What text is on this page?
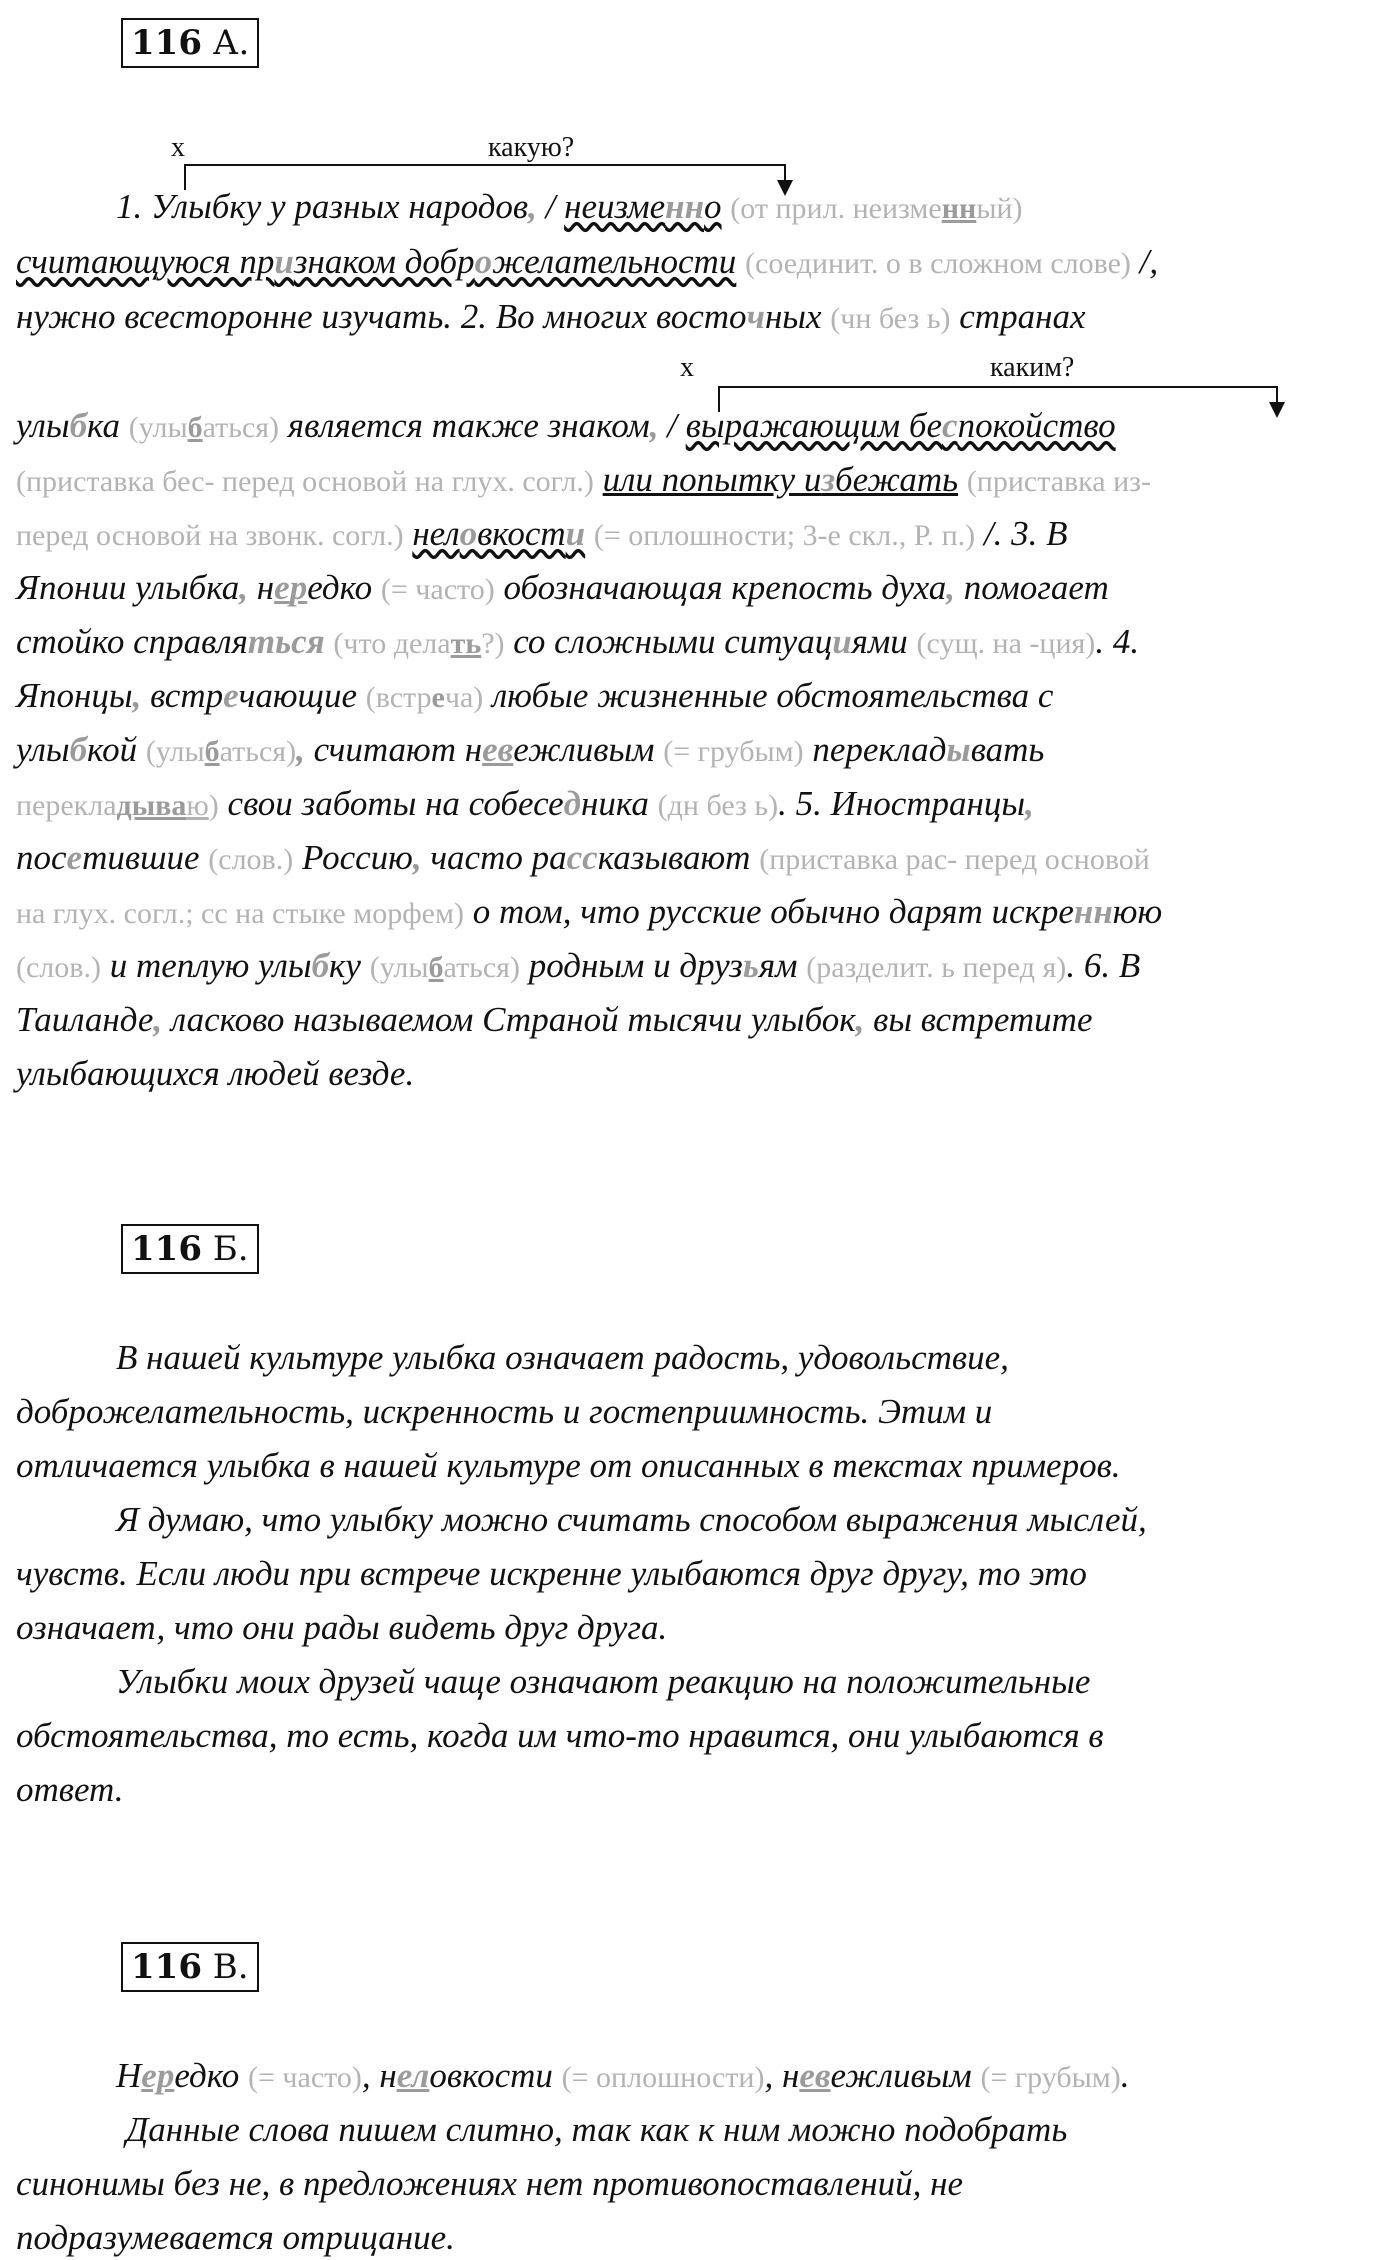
116 А.
х	какую?
1. Улыбку у разных народов, / неизменно (от прил. неизменный)
считающуюся признаком доброжелательности (соединит. о в сложном слове) /,
нужно всесторонне изучать. 2. Во многих восточных (чн без ь) странах
х	каким?
улыбка (улыбаться) является также знаком, / выражающим беспокойство
(приставка бес- перед основой на глух. согл.) или попытку избежать (приставка из-
перед основой на звонк. согл.) неловкости (= оплошности; 3-е скл., Р. п.) /. 3. В
Японии улыбка, нередко (= часто) обозначающая крепость духа, помогает
стойко справляться (что делать?) со сложными ситуациями (сущ. на -ция). 4.
Японцы, встречающие (встреча) любые жизненные обстоятельства с
улыбкой (улыбаться), считают невежливым (= грубым) перекладывать
перекладываю) свои заботы на собеседника (дн без ь). 5. Иностранцы,
посетившие (слов.) Россию, часто рассказывают (приставка рас- перед основой
на глух. согл.; сс на стыке морфем) о том, что русские обычно дарят искреннюю
(слов.) и теплую улыбку (улыбаться) родным и друзьям (разделит. ь перед я). 6. В
Таиланде, ласково называемом Страной тысячи улыбок, вы встретите
улыбающихся людей везде.
116 Б.
В нашей культуре улыбка означает радость, удовольствие,
доброжелательность, искренность и гостеприимность. Этим и
отличается улыбка в нашей культуре от описанных в текстах примеров.
Я думаю, что улыбку можно считать способом выражения мыслей,
чувств. Если люди при встрече искренне улыбаются друг другу, то это
означает, что они рады видеть друг друга.
Улыбки моих друзей чаще означают реакцию на положительные
обстоятельства, то есть, когда им что-то нравится, они улыбаются в
ответ.
116 В.
Нередко (= часто), неловкости (= оплошности), невежливым (= грубым).
Данные слова пишем слитно, так как к ним можно подобрать
синонимы без не, в предложениях нет противопоставлений, не
подразумевается отрицание.
